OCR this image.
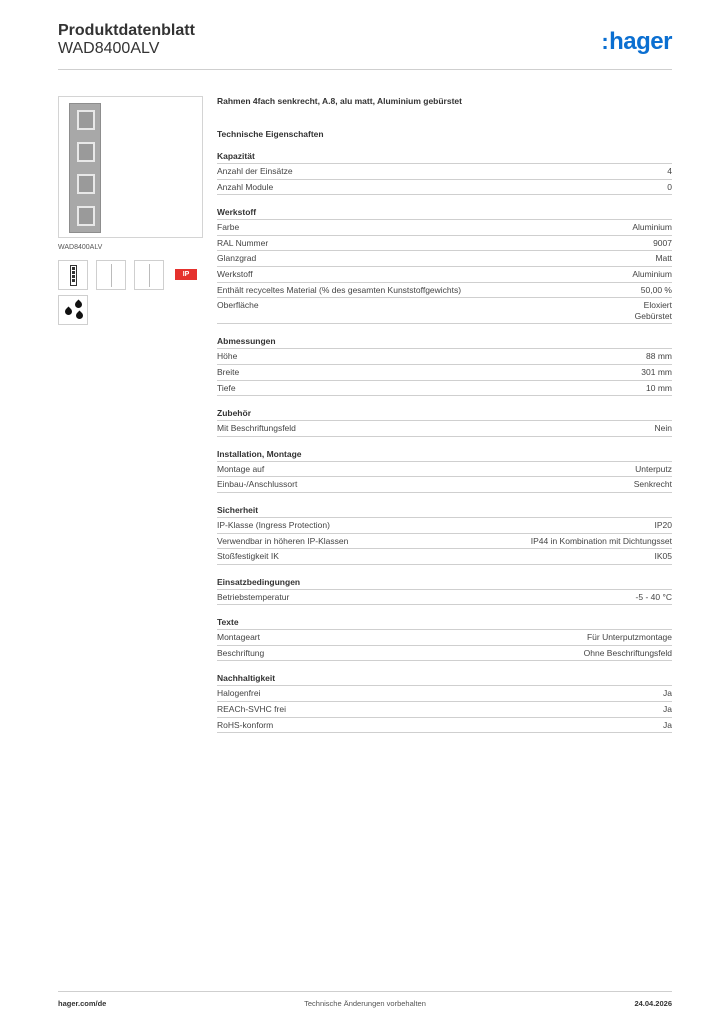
Produktdatenblatt
WAD8400ALV	:hager
WAD8400ALV
IP
Rahmen 4fach senkrecht, A.8, alu matt, Aluminium gebürstet
Technische Eigenschaften
Kapazität
Anzahl der Einsätze	4
Anzahl Module	0
Werkstoff
Farbe	Aluminium
RAL Nummer	9007
Glanzgrad	Matt
Werkstoff	Aluminium
Enthält recyceltes Material (% des gesamten Kunststoffgewichts)	50,00 %
Oberfläche	Eloxiert
Gebürstet
Abmessungen
Höhe	88 mm
Breite	301 mm
Tiefe	10 mm
Zubehör
Mit Beschriftungsfeld	Nein
Installation, Montage
Montage auf	Unterputz
Einbau-/Anschlussort	Senkrecht
Sicherheit
IP-Klasse (Ingress Protection)	IP20
Verwendbar in höheren IP-Klassen	IP44 in Kombination mit Dichtungsset
Stoßfestigkeit IK	IK05
Einsatzbedingungen
Betriebstemperatur	-5 - 40 °C
Texte
Montageart	Für Unterputzmontage
Beschriftung	Ohne Beschriftungsfeld
Nachhaltigkeit
Halogenfrei	Ja
REACh-SVHC frei	Ja
RoHS-konform	Ja
hager.com/de	Technische Änderungen vorbehalten	24.04.2026
